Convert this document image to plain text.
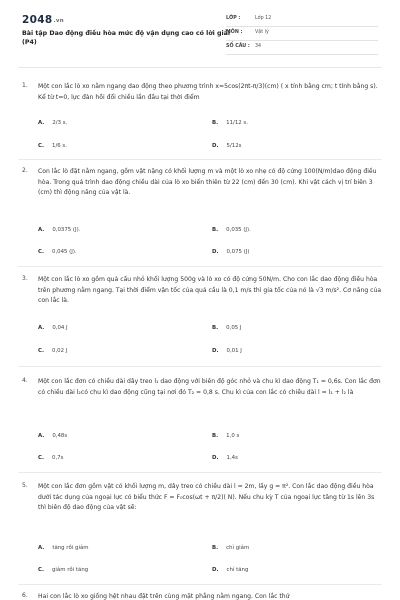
2048.vn
Bài tập Dao động điều hòa mức độ vận dụng cao có lời giải (P4)
LỚP :	Lớp 12
MÔN :	Vật lý
SỐ CÂU : 34
1. Một con lắc lò xo nằm ngang dao động theo phương trình x=5cos(2πt-π/3)(cm) ( x tính bằng cm; t tính bằng s). Kể từ t=0, lực đàn hồi đổi chiều lần đầu tại thời điểm
A. 2/3 s.	B. 11/12 s.
C. 1/6 s.	D. 5/12s
2. Con lắc lò đặt nằm ngang, gồm vật nặng có khối lượng m và một lò xo nhẹ có độ cứng 100(N/m)dao động điều hòa. Trong quá trình dao động chiều dài của lò xo biến thiên từ 22 (cm) đến 30 (cm). Khi vật cách vị trí biên 3 (cm) thì động năng của vật là.
A. 0,0375 (J).	B. 0,035 (J).
C. 0,045 (J).	D. 0,075 (J)
3. Một con lắc lò xo gồm quả cầu nhỏ khối lượng 500g và lò xo có độ cứng 50N/m. Cho con lắc dao động điều hòa trên phương nằm ngang. Tại thời điểm vận tốc của quả cầu là 0,1 m/s thì gia tốc của nó là √3 m/s². Cơ năng của con lắc là.
A. 0,04 J	B. 0,05 J
C. 0,02 J	D. 0,01 J
4. Một con lắc đơn có chiều dài dây treo l₁ dao động với biên độ góc nhỏ và chu kì dao động T₁ = 0,6s. Con lắc đơn có chiều dài l₂có chu kì dao động cũng tại nơi đó T₂ = 0,8 s. Chu kì của con lắc có chiều dài l = l₁ + l₂ là
A. 0,48s	B. 1,0 s
C. 0,7s	D. 1,4s
5. Một con lắc đơn gồm vật có khối lượng m, dây treo có chiều dài l = 2m, lấy g = π². Con lắc dao động điều hòa dưới tác dụng của ngoại lực có biểu thức F = F₀cos(ωt + π/2)( N). Nếu chu kỳ T của ngoại lực tăng từ 1s lên 3s thì biên độ dao động của vật sẽ:
A. tăng rồi giảm	B. chỉ giảm
C. giảm rồi tăng	D. chỉ tăng
6. Hai con lắc lò xo giống hệt nhau đặt trên cùng mặt phẳng nằm ngang. Con lắc thứ
